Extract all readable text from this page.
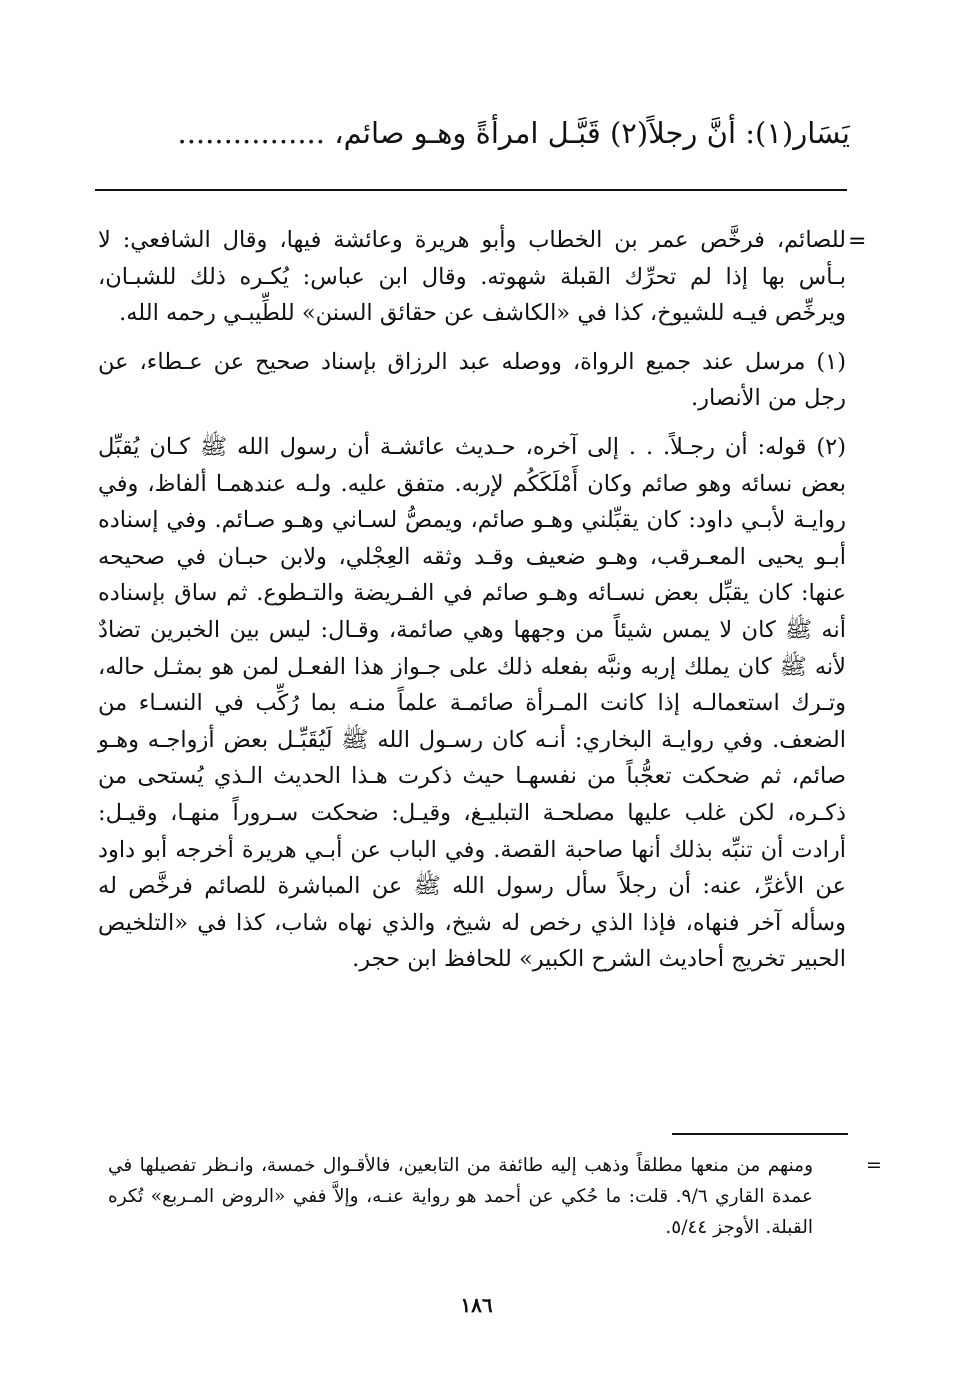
يَسَار(١): أنَّ رجلاً(٢) قَبَّـل امرأةً وهـو صائم، ................
=

للصائم، فرخَّص عمر بن الخطاب وأبو هريرة وعائشة فيها، وقال الشافعي: لا بـأس بها إذا لم تحرِّك القبلة شهوته. وقال ابن عباس: يُكـره ذلك للشبـان، ويرخِّص فيـه للشيوخ، كذا في «الكاشف عن حقائق السنن» للطِّيبـي رحمه الله.

(١) مرسل عند جميع الرواة، ووصله عبد الرزاق بإسناد صحيح عن عـطاء، عن رجل من الأنصار.

(٢) قوله: أن رجـلاً. . . إلى آخره، حـديث عائشـة أن رسول الله ﷺ كـان يُقبِّل بعض نسائه وهو صائم وكان أَمْلَكَكُم لإربه. متفق عليه. ولـه عندهمـا ألفاظ، وفي روايـة لأبـي داود: كان يقبِّلني وهـو صائم، ويمصُّ لسـاني وهـو صـائم. وفي إسناده أبـو يحيى المعـرقب، وهـو ضعيف وقـد وثقه العِجْلي، ولابن حبـان في صحيحه عنها: كان يقبِّل بعض نسـائه وهـو صائم في الفـريضة والتـطوع. ثم ساق بإسناده أنه ﷺ كان لا يمس شيئاً من وجهها وهي صائمة، وقـال: ليس بين الخبرين تضادٌ لأنه ﷺ كان يملك إربه ونبَّه بفعله ذلك على جـواز هذا الفعـل لمن هو بمثـل حاله، وتـرك استعمالـه إذا كانت المـرأة صائمـة علماً منـه بما رُكِّب في النسـاء من الضعف. وفي روايـة البخاري: أنـه كان رسـول الله ﷺ لَيُقَبِّـل بعض أزواجـه وهـو صائم، ثم ضحكت تعجُّباً من نفسهـا حيث ذكرت هـذا الحديث الـذي يُستحى من ذكـره، لكن غلب عليها مصلحـة التبليـغ، وقيـل: ضحكت سـروراً منهـا، وقيـل: أرادت أن تنبِّه بذلك أنها صاحبة القصة. وفي الباب عن أبـي هريرة أخرجه أبو داود عن الأغرِّ، عنه: أن رجلاً سأل رسول الله ﷺ عن المباشرة للصائم فرخَّص له وسأله آخر فنهاه، فإذا الذي رخص له شيخ، والذي نهاه شاب، كذا في «التلخيص الحبير تخريج أحاديث الشرح الكبير» للحافظ ابن حجر.

=

ومنهم من منعها مطلقاً وذهب إليه طائفة من التابعين، فالأقـوال خمسة، وانـظر تفصيلها في عمدة القاري ٩/٦. قلت: ما حُكي عن أحمد هو رواية عنـه، وإلاَّ ففي «الروض المـربع» تُكره القبلة. الأوجز ٥/٤٤.

١٨٦
